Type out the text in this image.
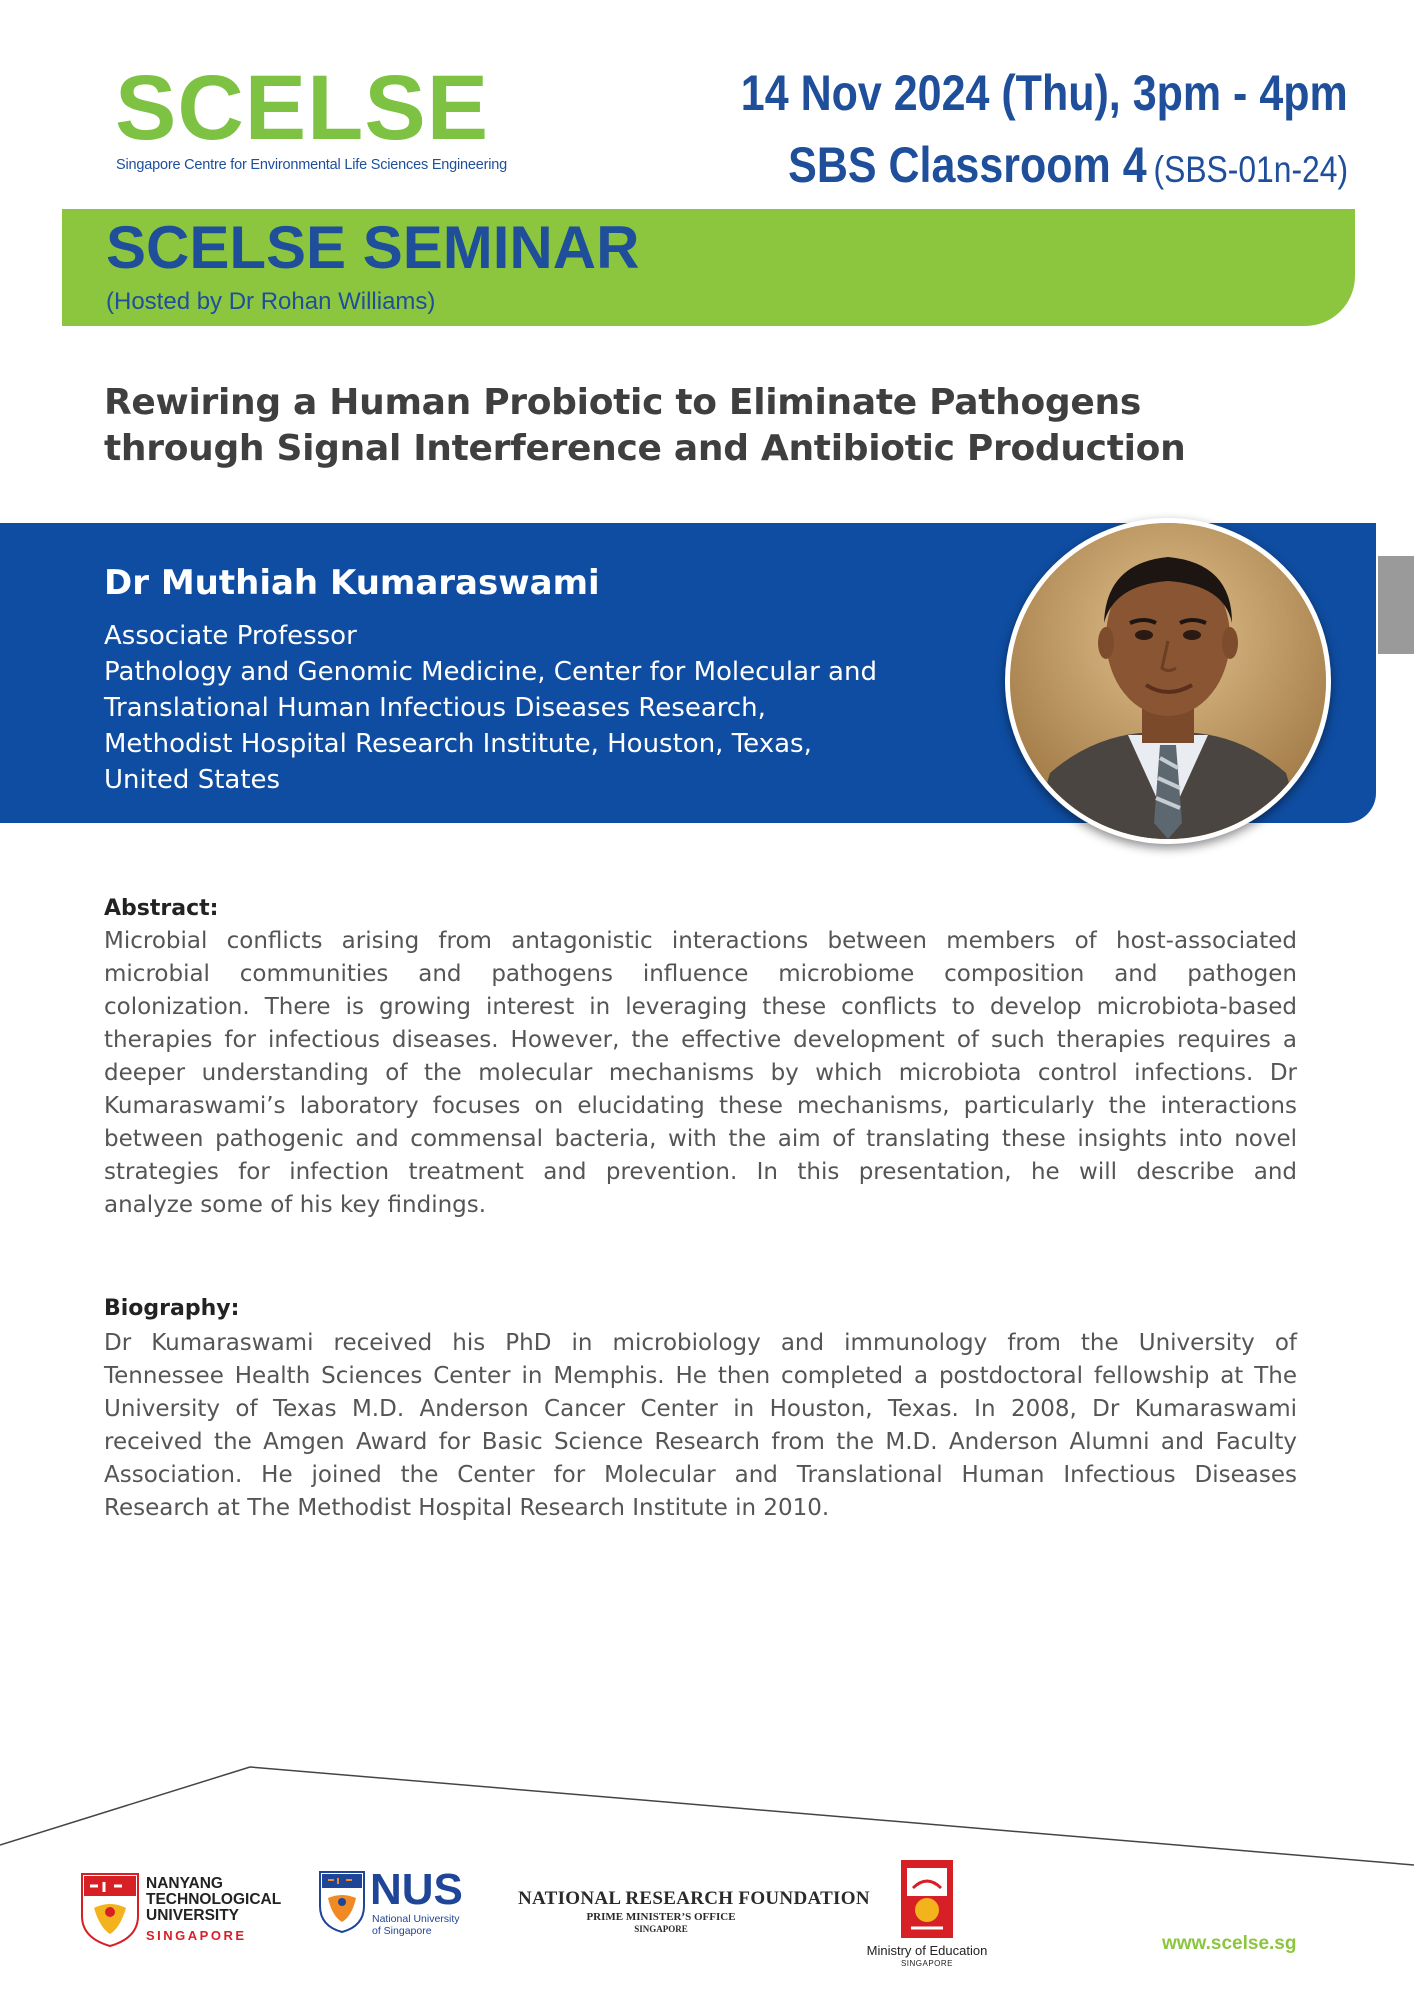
SCELSE
Singapore Centre for Environmental Life Sciences Engineering
14 Nov 2024 (Thu), 3pm - 4pm
SBS Classroom 4 (SBS-01n-24)
SCELSE SEMINAR
(Hosted by Dr Rohan Williams)
Rewiring a Human Probiotic to Eliminate Pathogens
through Signal Interference and Antibiotic Production
Dr Muthiah Kumaraswami
Associate Professor
Pathology and Genomic Medicine, Center for Molecular and
Translational Human Infectious Diseases Research,
Methodist Hospital Research Institute, Houston, Texas,
United States
Abstract:
Microbial conflicts arising from antagonistic interactions between members of host-associated
microbial communities and pathogens influence microbiome composition and pathogen
colonization. There is growing interest in leveraging these conflicts to develop microbiota-based
therapies for infectious diseases. However, the effective development of such therapies requires a
deeper understanding of the molecular mechanisms by which microbiota control infections. Dr
Kumaraswami’s laboratory focuses on elucidating these mechanisms, particularly the interactions
between pathogenic and commensal bacteria, with the aim of translating these insights into novel
strategies for infection treatment and prevention. In this presentation, he will describe and
analyze some of his key findings.
Biography:
Dr Kumaraswami received his PhD in microbiology and immunology from the University of
Tennessee Health Sciences Center in Memphis. He then completed a postdoctoral fellowship at The
University of Texas M.D. Anderson Cancer Center in Houston, Texas. In 2008, Dr Kumaraswami
received the Amgen Award for Basic Science Research from the M.D. Anderson Alumni and Faculty
Association. He joined the Center for Molecular and Translational Human Infectious Diseases
Research at The Methodist Hospital Research Institute in 2010.
NANYANG
TECHNOLOGICAL
UNIVERSITY
SINGAPORE
NUS
National University
of Singapore
NATIONAL RESEARCH FOUNDATION
PRIME MINISTER’S OFFICE
SINGAPORE
Ministry of Education
SINGAPORE
www.scelse.sg
